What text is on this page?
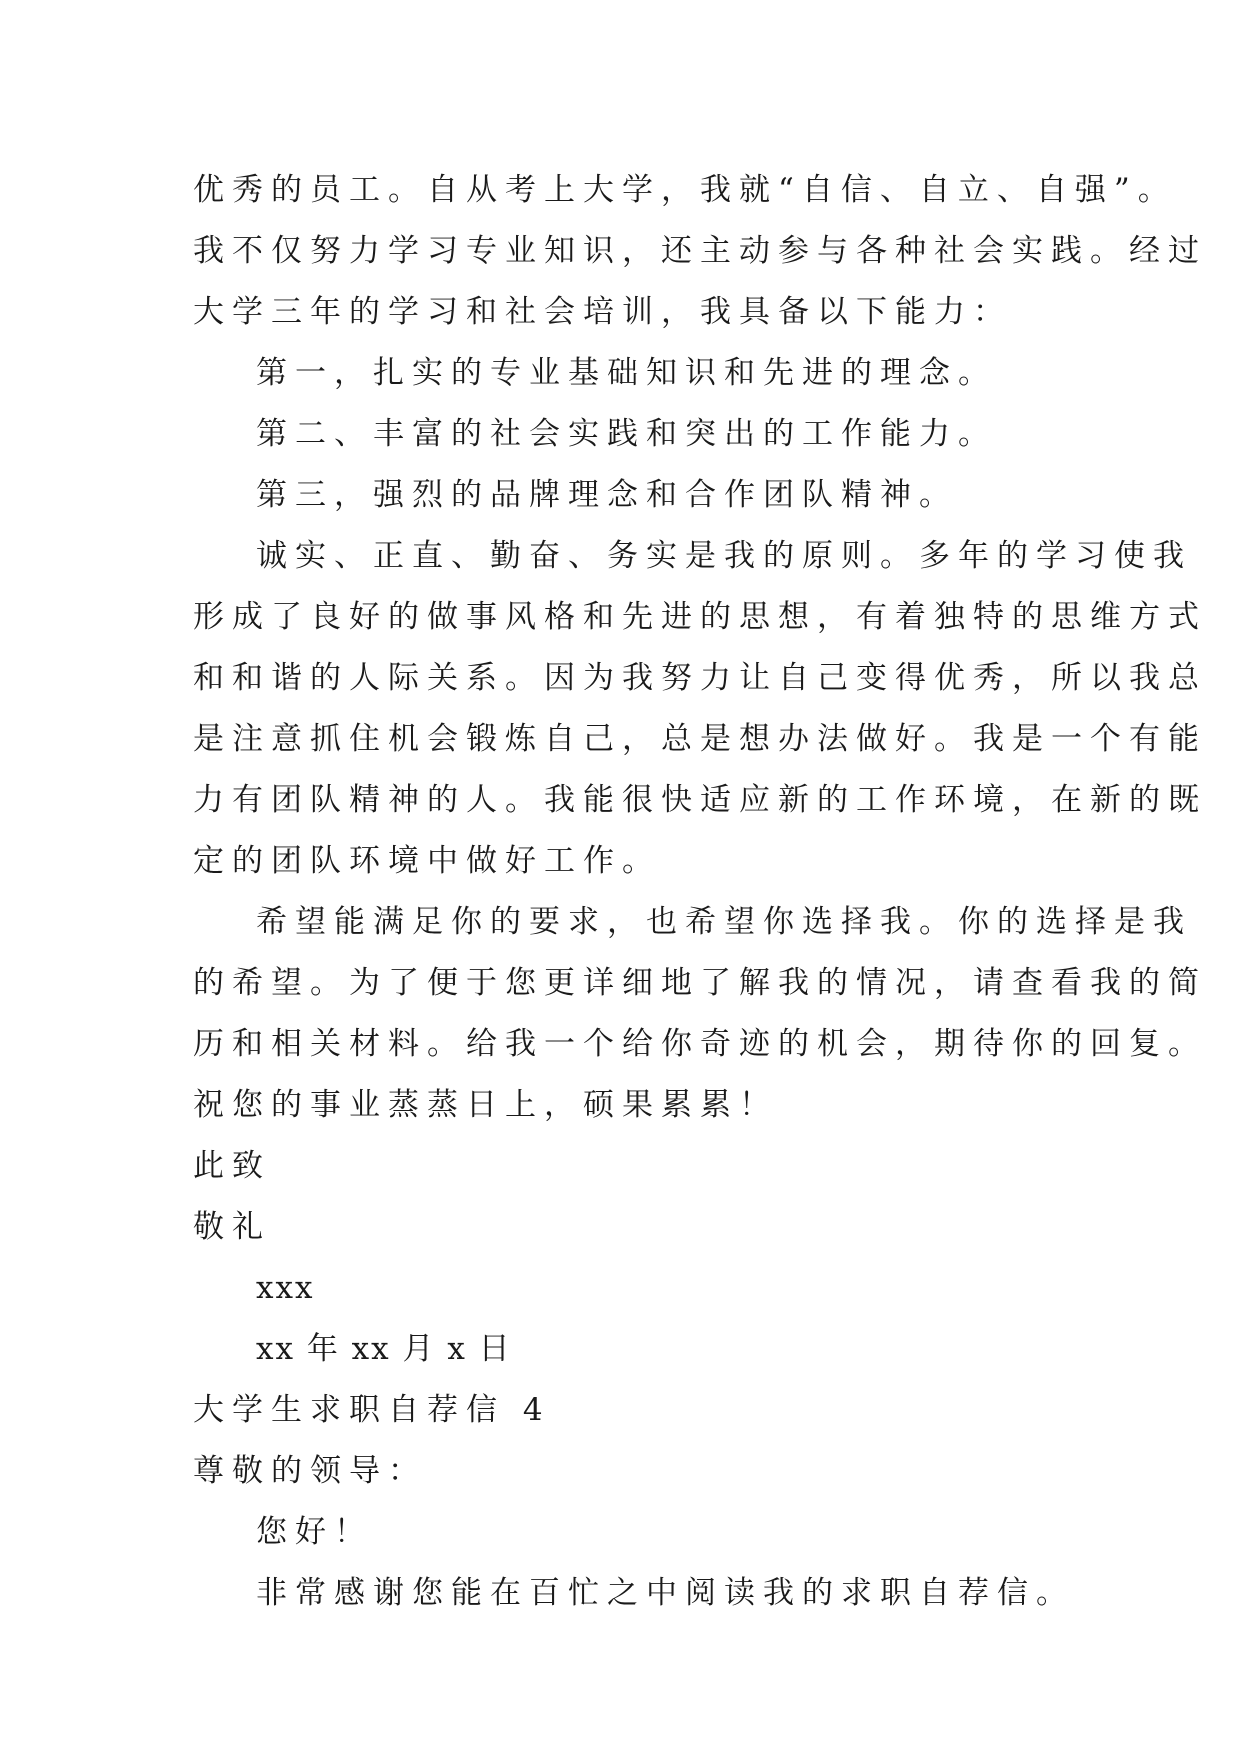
优秀的员工。自从考上大学，我就“自信、自立、自强”。
我不仅努力学习专业知识，还主动参与各种社会实践。经过
大学三年的学习和社会培训，我具备以下能力：
第一，扎实的专业基础知识和先进的理念。
第二、丰富的社会实践和突出的工作能力。
第三，强烈的品牌理念和合作团队精神。
诚实、正直、勤奋、务实是我的原则。多年的学习使我
形成了良好的做事风格和先进的思想，有着独特的思维方式
和和谐的人际关系。因为我努力让自己变得优秀，所以我总
是注意抓住机会锻炼自己，总是想办法做好。我是一个有能
力有团队精神的人。我能很快适应新的工作环境，在新的既
定的团队环境中做好工作。
希望能满足你的要求，也希望你选择我。你的选择是我
的希望。为了便于您更详细地了解我的情况，请查看我的简
历和相关材料。给我一个给你奇迹的机会，期待你的回复。
祝您的事业蒸蒸日上，硕果累累！
此致
敬礼
xxx
xx 年 xx 月 x 日
大学生求职自荐信 4
尊敬的领导：
您好！
非常感谢您能在百忙之中阅读我的求职自荐信。
